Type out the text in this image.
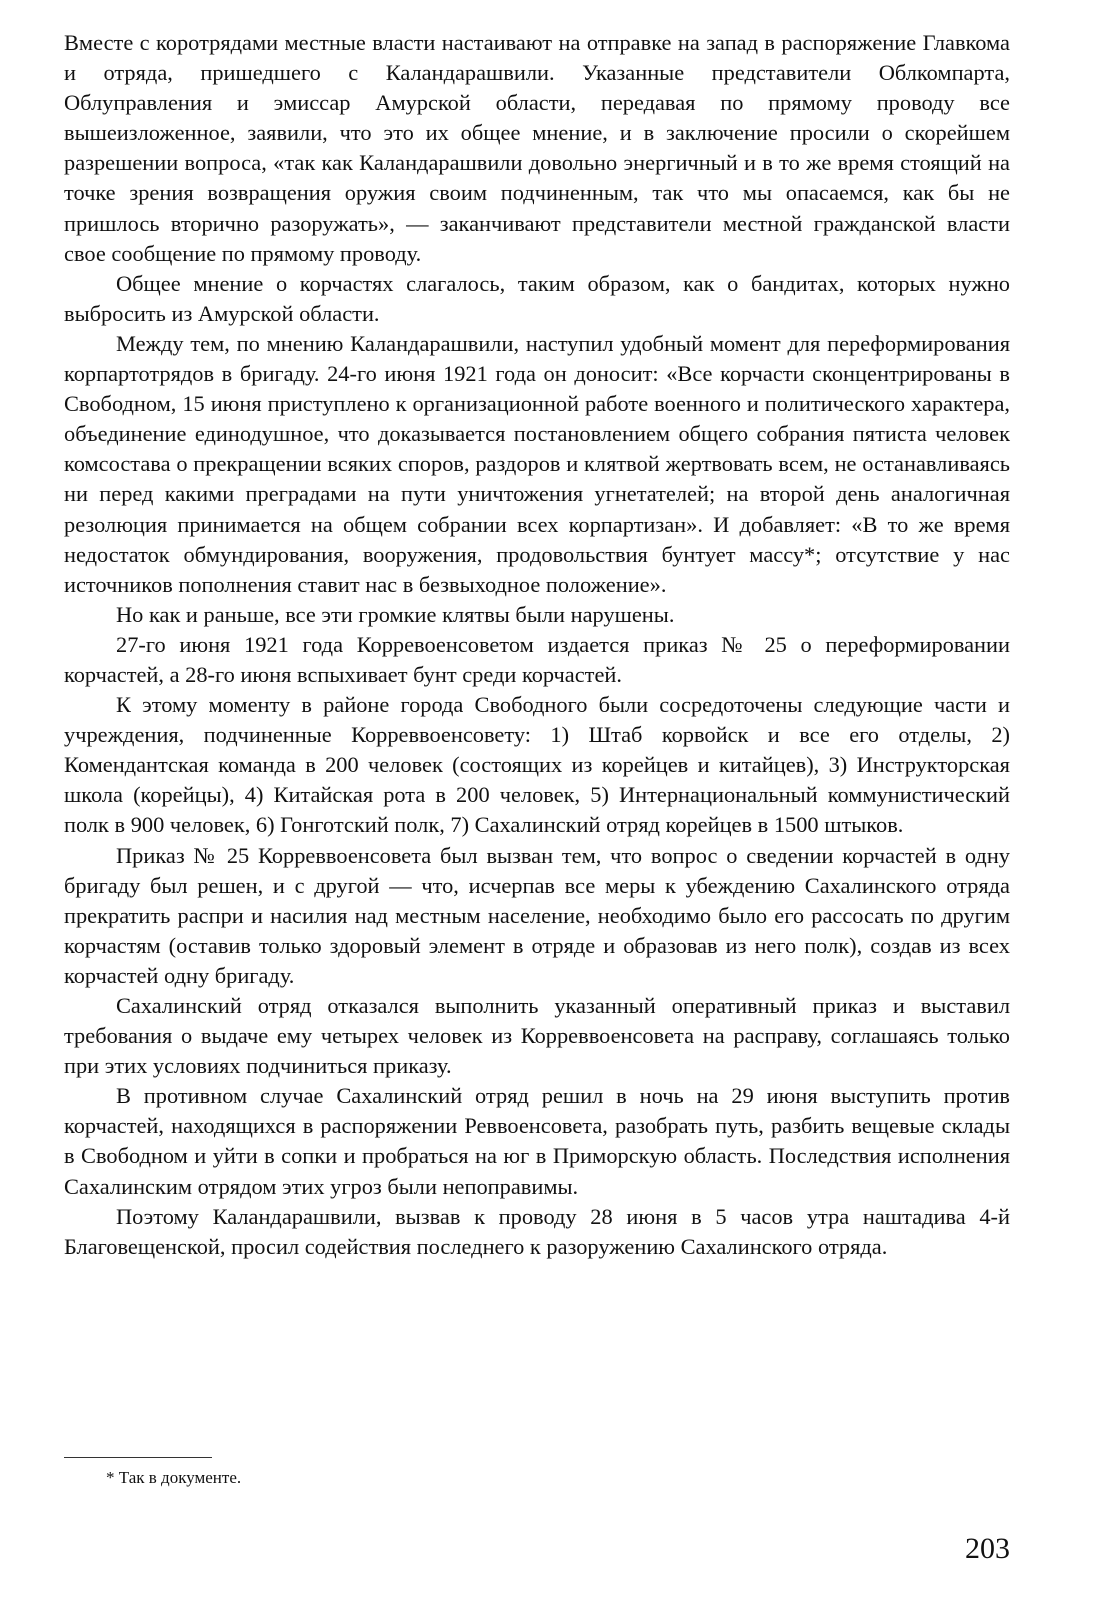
Вместе с коротрядами местные власти настаивают на отправке на запад в распоряжение Главкома и отряда, пришедшего с Каландарашвили. Указанные представители Облкомпарта, Облуправления и эмиссар Амурской области, передавая по прямому проводу все вышеизложенное, заявили, что это их общее мнение, и в заключение просили о скорейшем разрешении вопроса, «так как Каландарашвили довольно энергичный и в то же время стоящий на точке зрения возвращения оружия своим подчиненным, так что мы опасаемся, как бы не пришлось вторично разоружать», — заканчивают представители местной гражданской власти свое сообщение по прямому проводу.

Общее мнение о корчастях слагалось, таким образом, как о бандитах, которых нужно выбросить из Амурской области.

Между тем, по мнению Каландарашвили, наступил удобный момент для переформирования корпартотрядов в бригаду. 24-го июня 1921 года он доносит: «Все корчасти сконцентрированы в Свободном, 15 июня приступлено к организационной работе военного и политического характера, объединение единодушное, что доказывается постановлением общего собрания пятиста человек комсостава о прекращении всяких споров, раздоров и клятвой жертвовать всем, не останавливаясь ни перед какими преградами на пути уничтожения угнетателей; на второй день аналогичная резолюция принимается на общем собрании всех корпартизан». И добавляет: «В то же время недостаток обмундирования, вооружения, продовольствия бунтует массу*; отсутствие у нас источников пополнения ставит нас в безвыходное положение».

Но как и раньше, все эти громкие клятвы были нарушены.

27-го июня 1921 года Корревоенсоветом издается приказ № 25 о переформировании корчастей, а 28-го июня вспыхивает бунт среди корчастей.

К этому моменту в районе города Свободного были сосредоточены следующие части и учреждения, подчиненные Корреввоенсовету: 1) Штаб корвойск и все его отделы, 2) Комендантская команда в 200 человек (состоящих из корейцев и китайцев), 3) Инструкторская школа (корейцы), 4) Китайская рота в 200 человек, 5) Интернациональный коммунистический полк в 900 человек, 6) Гонготский полк, 7) Сахалинский отряд корейцев в 1500 штыков.

Приказ № 25 Корреввоенсовета был вызван тем, что вопрос о сведении корчастей в одну бригаду был решен, и с другой — что, исчерпав все меры к убеждению Сахалинского отряда прекратить распри и насилия над местным население, необходимо было его рассосать по другим корчастям (оставив только здоровый элемент в отряде и образовав из него полк), создав из всех корчастей одну бригаду.

Сахалинский отряд отказался выполнить указанный оперативный приказ и выставил требования о выдаче ему четырех человек из Корреввоенсовета на расправу, соглашаясь только при этих условиях подчиниться приказу.

В противном случае Сахалинский отряд решил в ночь на 29 июня выступить против корчастей, находящихся в распоряжении Реввоенсовета, разобрать путь, разбить вещевые склады в Свободном и уйти в сопки и пробраться на юг в Приморскую область. Последствия исполнения Сахалинским отрядом этих угроз были непоправимы.

Поэтому Каландарашвили, вызвав к проводу 28 июня в 5 часов утра наштадива 4-й Благовещенской, просил содействия последнего к разоружению Сахалинского отряда.

* Так в документе.
203
